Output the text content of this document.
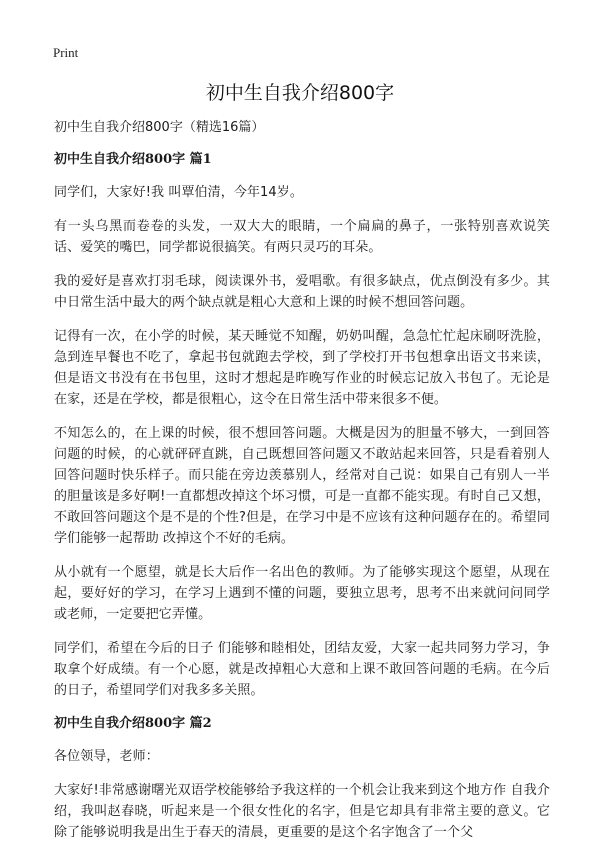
Print
初中生自我介绍800字

初中生自我介绍800字（精选16篇）

初中生自我介绍800字 篇1

同学们，大家好!我 叫覃伯清，今年14岁。

有一头乌黑而卷卷的头发，一双大大的眼睛，一个扁扁的鼻子，一张特别喜欢说笑话、爱笑的嘴巴，同学都说很搞笑。有两只灵巧的耳朵。

我的爱好是喜欢打羽毛球，阅读课外书，爱唱歌。有很多缺点，优点倒没有多少。其中日常生活中最大的两个缺点就是粗心大意和上课的时候不想回答问题。

记得有一次，在小学的时候，某天睡觉不知醒，奶奶叫醒，急急忙忙起床刷呀洗脸，急到连早餐也不吃了，拿起书包就跑去学校，到了学校打开书包想拿出语文书来读，但是语文书没有在书包里，这时才想起是昨晚写作业的时候忘记放入书包了。无论是在家，还是在学校，都是很粗心，这令在日常生活中带来很多不便。

不知怎么的，在上课的时候，很不想回答问题。大概是因为的胆量不够大，一到回答问题的时候，的心就砰砰直跳，自己既想回答问题又不敢站起来回答，只是看着别人回答问题时快乐样子。而只能在旁边羡慕别人，经常对自己说：如果自己有别人一半的胆量该是多好啊!一直都想改掉这个坏习惯，可是一直都不能实现。有时自己又想，不敢回答问题这个是不是的个性?但是，在学习中是不应该有这种问题存在的。希望同学们能够一起帮助 改掉这个不好的毛病。

从小就有一个愿望，就是长大后作一名出色的教师。为了能够实现这个愿望，从现在起，要好好的学习，在学习上遇到不懂的问题，要独立思考，思考不出来就问问同学或老师，一定要把它弄懂。

同学们，希望在今后的日子 们能够和睦相处，团结友爱，大家一起共同努力学习，争取拿个好成绩。有一个心愿，就是改掉粗心大意和上课不敢回答问题的毛病。在今后的日子，希望同学们对我多多关照。

初中生自我介绍800字 篇2

各位领导，老师：

大家好!非常感谢曙光双语学校能够给予我这样的一个机会让我来到这个地方作 自我介绍，我叫赵春晓，听起来是一个很女性化的名字，但是它却具有非常主要的意义。它除了能够说明我是出生于春天的清晨，更重要的是这个名字饱含了一个父
